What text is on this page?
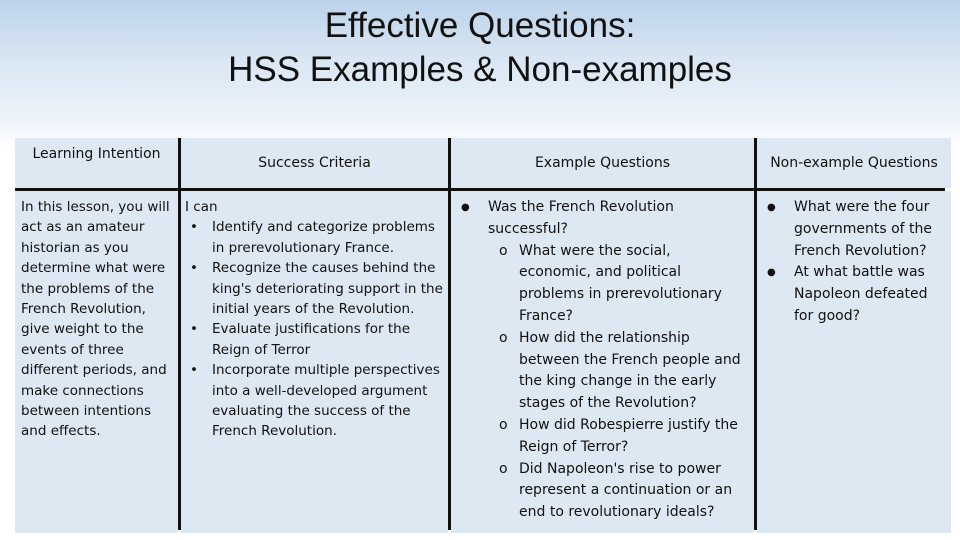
Effective Questions:
HSS Examples & Non-examples
Learning Intention
Success Criteria	Example Questions	Non-example Questions
In this lesson, you will act as an amateur historian as you determine what were the problems of the French Revolution, give weight to the events of three different periods, and make connections between intentions and effects.
I can
• Identify and categorize problems in prerevolutionary France.
• Recognize the causes behind the king's deteriorating support in the initial years of the Revolution.
• Evaluate justifications for the Reign of Terror
• Incorporate multiple perspectives into a well-developed argument evaluating the success of the French Revolution.
● Was the French Revolution successful?
o What were the social, economic, and political problems in prerevolutionary France?
o How did the relationship between the French people and the king change in the early stages of the Revolution?
o How did Robespierre justify the Reign of Terror?
o Did Napoleon's rise to power represent a continuation or an end to revolutionary ideals?
● What were the four governments of the French Revolution?
● At what battle was Napoleon defeated for good?
